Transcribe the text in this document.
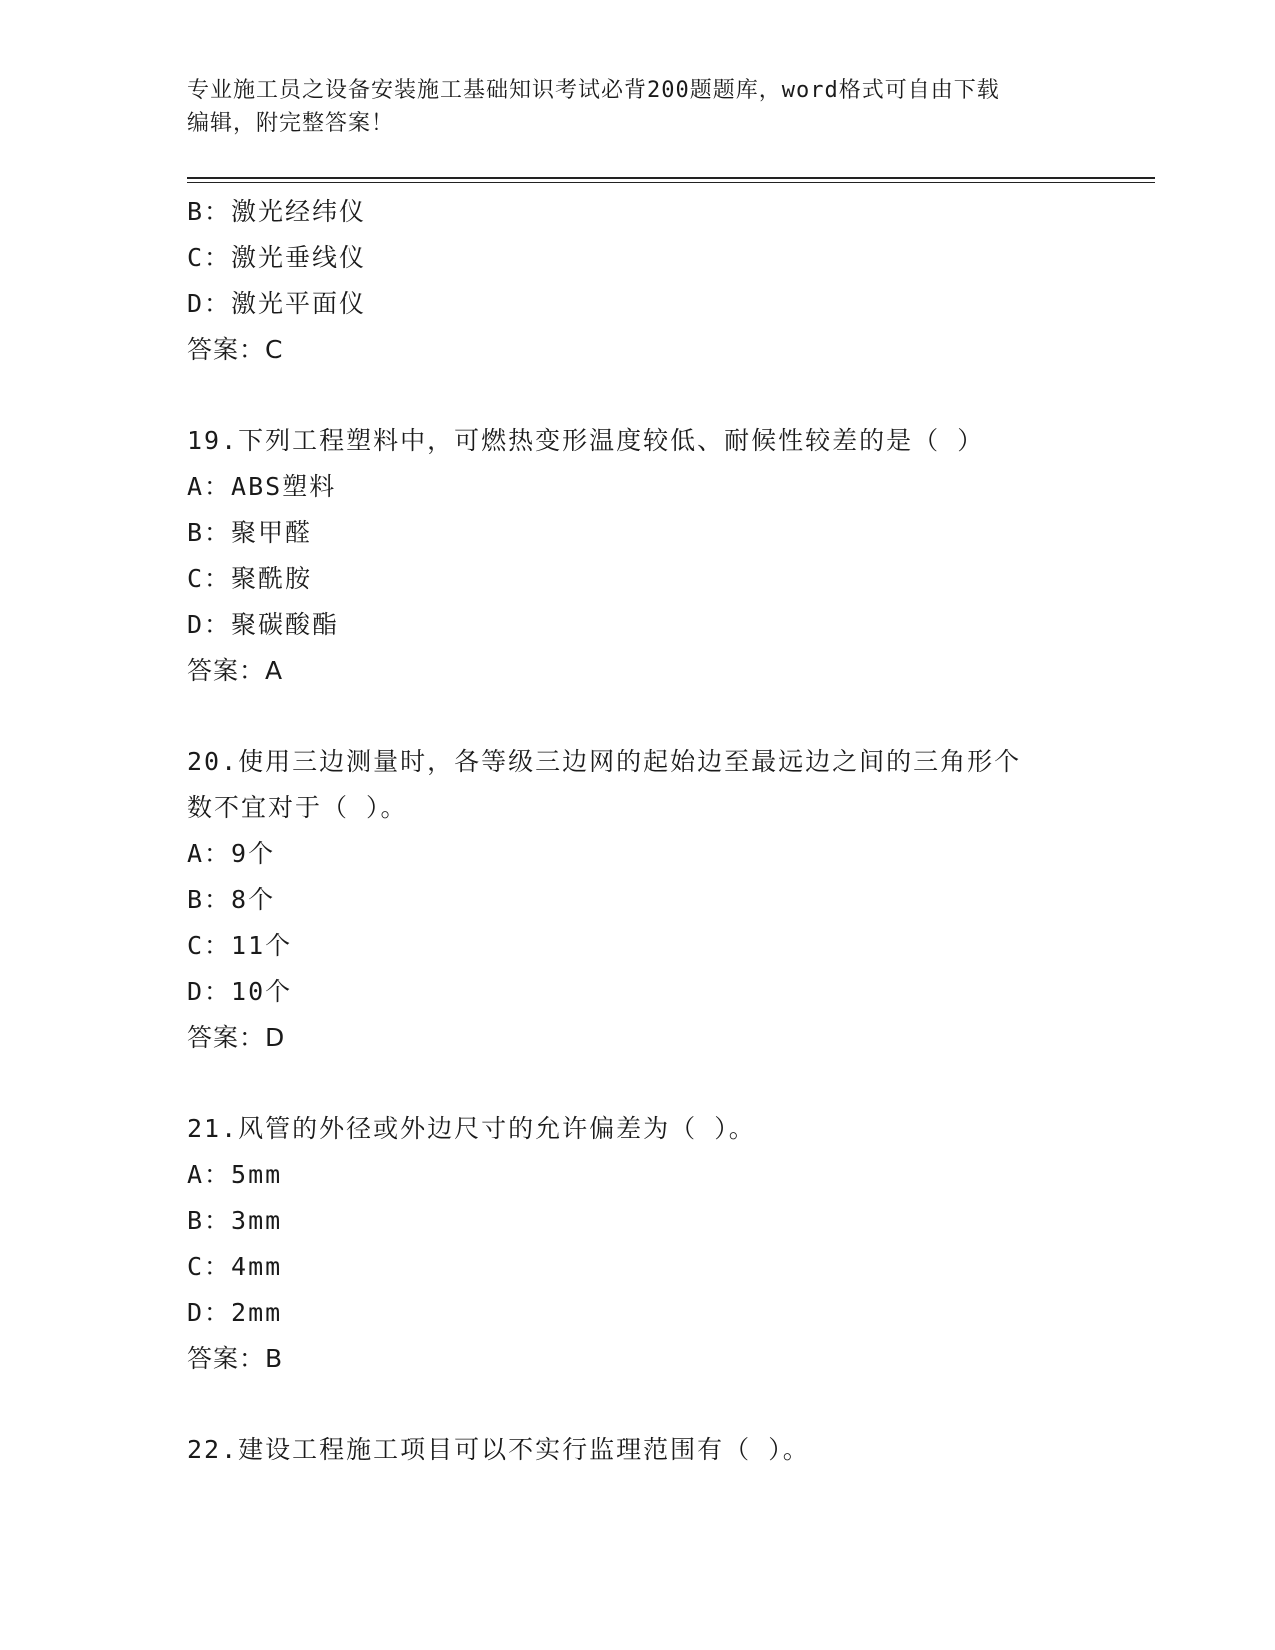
专业施工员之设备安装施工基础知识考试必背200题题库，word格式可自由下载
编辑，附完整答案！
B：激光经纬仪
C：激光垂线仪
D：激光平面仪
答案：C
19.下列工程塑料中，可燃热变形温度较低、耐候性较差的是（ ）
A：ABS塑料
B：聚甲醛
C：聚酰胺
D：聚碳酸酯
答案：A
20.使用三边测量时，各等级三边网的起始边至最远边之间的三角形个
数不宜对于（ ）。
A：9个
B：8个
C：11个
D：10个
答案：D
21.风管的外径或外边尺寸的允许偏差为（ ）。
A：5mm
B：3mm
C：4mm
D：2mm
答案：B
22.建设工程施工项目可以不实行监理范围有（ ）。
